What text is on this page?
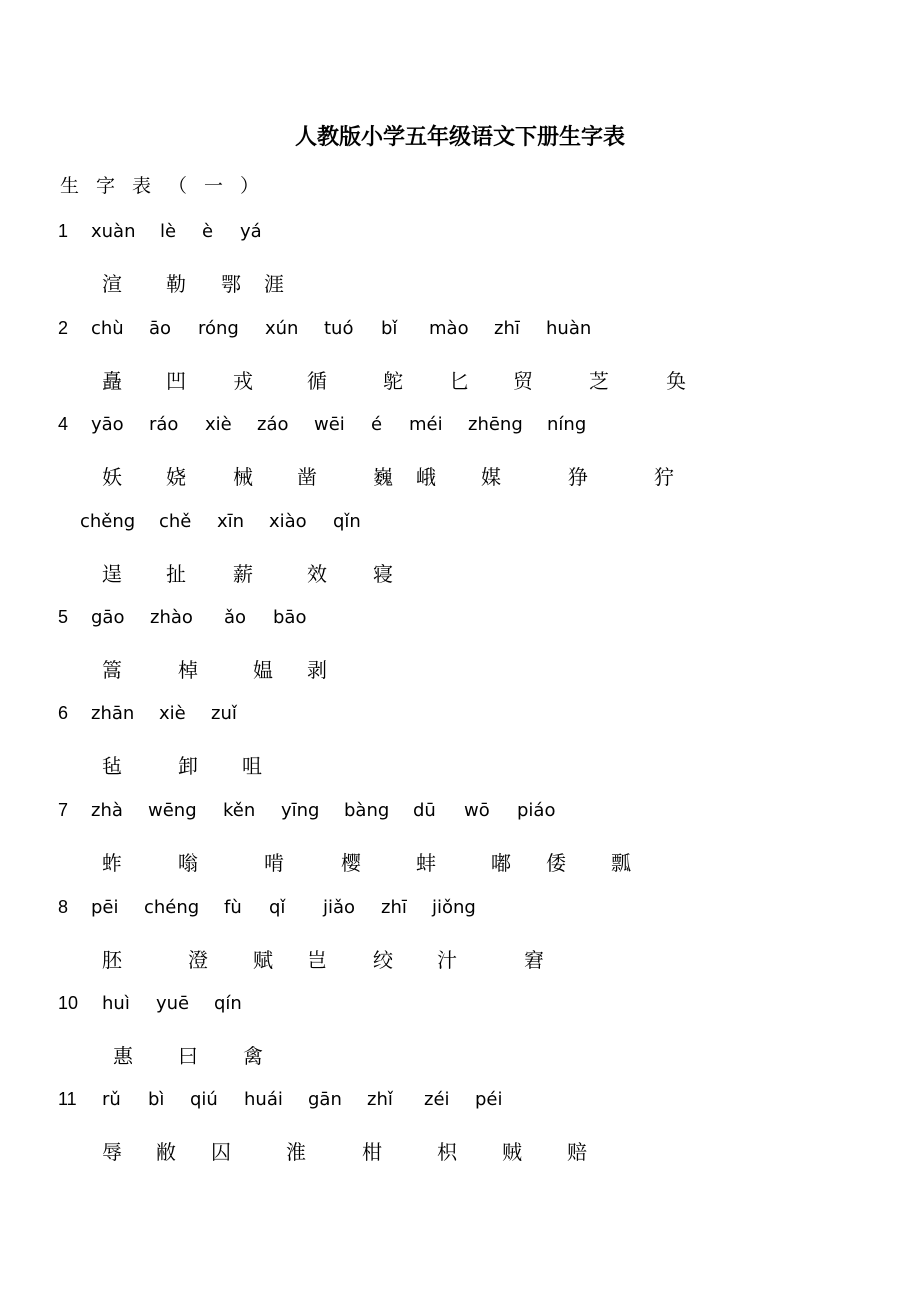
人教版小学五年级语文下册生字表
生字表（一）
1 xuàn lè è yá
渲 勒 鄂 涯
2 chù āo róng xún tuó bǐ mào zhī huàn
矗 凹 戎	循	鸵 匕 贸	芝	奂
4 yāo ráo xiè záo wēi é méi zhēng níng
妖 娆 械 凿	巍 峨 媒	狰	狞
chěng chě xīn xiào qǐn
逞 扯 薪	效 寝
5 gāo zhào ǎo bāo
篙	棹	媪 剥
6 zhān xiè zuǐ
毡	卸 咀
7 zhà wēng kěn yīng bàng dū wō piáo
蚱	嗡	啃	樱	蚌	嘟 倭 瓢
8 pēi chéng fù qǐ jiǎo zhī jiǒng
胚	澄 赋 岂 绞 汁	窘
10 huì yuē qín
惠 曰 禽
11 rǔ bì qiú huái gān zhǐ zéi péi
辱 敝 囚	淮	柑	枳 贼 赔
